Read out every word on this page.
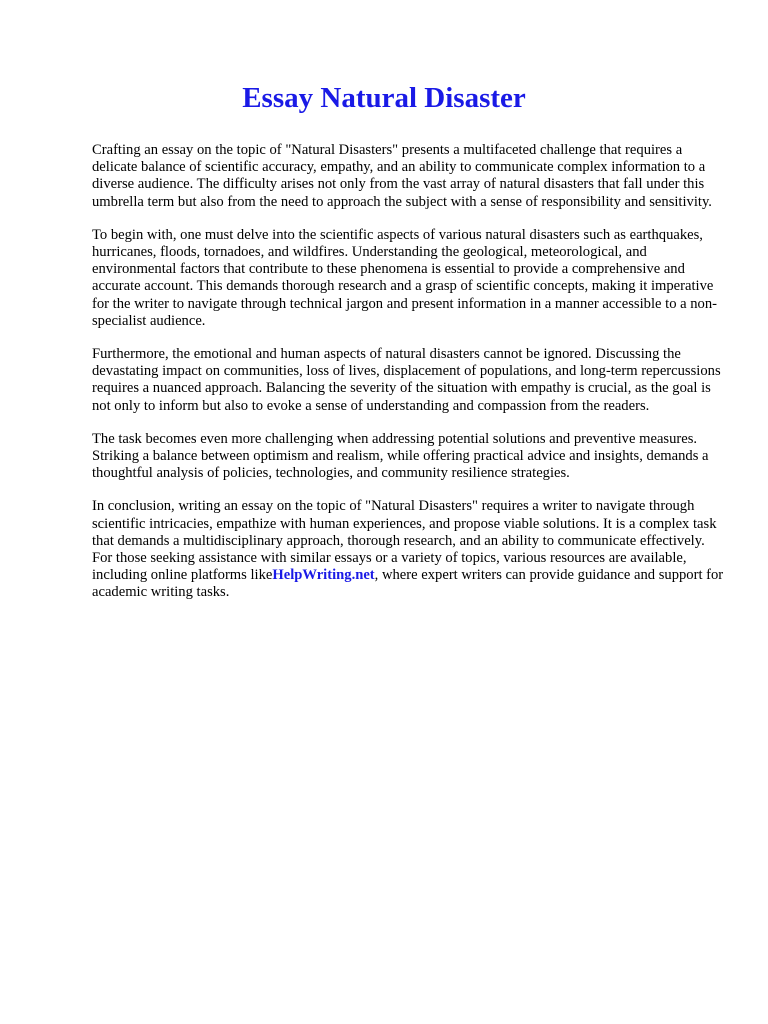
Essay Natural Disaster

Crafting an essay on the topic of "Natural Disasters" presents a multifaceted challenge that requires a delicate balance of scientific accuracy, empathy, and an ability to communicate complex information to a diverse audience. The difficulty arises not only from the vast array of natural disasters that fall under this umbrella term but also from the need to approach the subject with a sense of responsibility and sensitivity.

To begin with, one must delve into the scientific aspects of various natural disasters such as earthquakes, hurricanes, floods, tornadoes, and wildfires. Understanding the geological, meteorological, and environmental factors that contribute to these phenomena is essential to provide a comprehensive and accurate account. This demands thorough research and a grasp of scientific concepts, making it imperative for the writer to navigate through technical jargon and present information in a manner accessible to a non-specialist audience.

Furthermore, the emotional and human aspects of natural disasters cannot be ignored. Discussing the devastating impact on communities, loss of lives, displacement of populations, and long-term repercussions requires a nuanced approach. Balancing the severity of the situation with empathy is crucial, as the goal is not only to inform but also to evoke a sense of understanding and compassion from the readers.

The task becomes even more challenging when addressing potential solutions and preventive measures. Striking a balance between optimism and realism, while offering practical advice and insights, demands a thoughtful analysis of policies, technologies, and community resilience strategies.

In conclusion, writing an essay on the topic of "Natural Disasters" requires a writer to navigate through scientific intricacies, empathize with human experiences, and propose viable solutions. It is a complex task that demands a multidisciplinary approach, thorough research, and an ability to communicate effectively. For those seeking assistance with similar essays or a variety of topics, various resources are available, including online platforms likeHelpWriting.net, where expert writers can provide guidance and support for academic writing tasks.
